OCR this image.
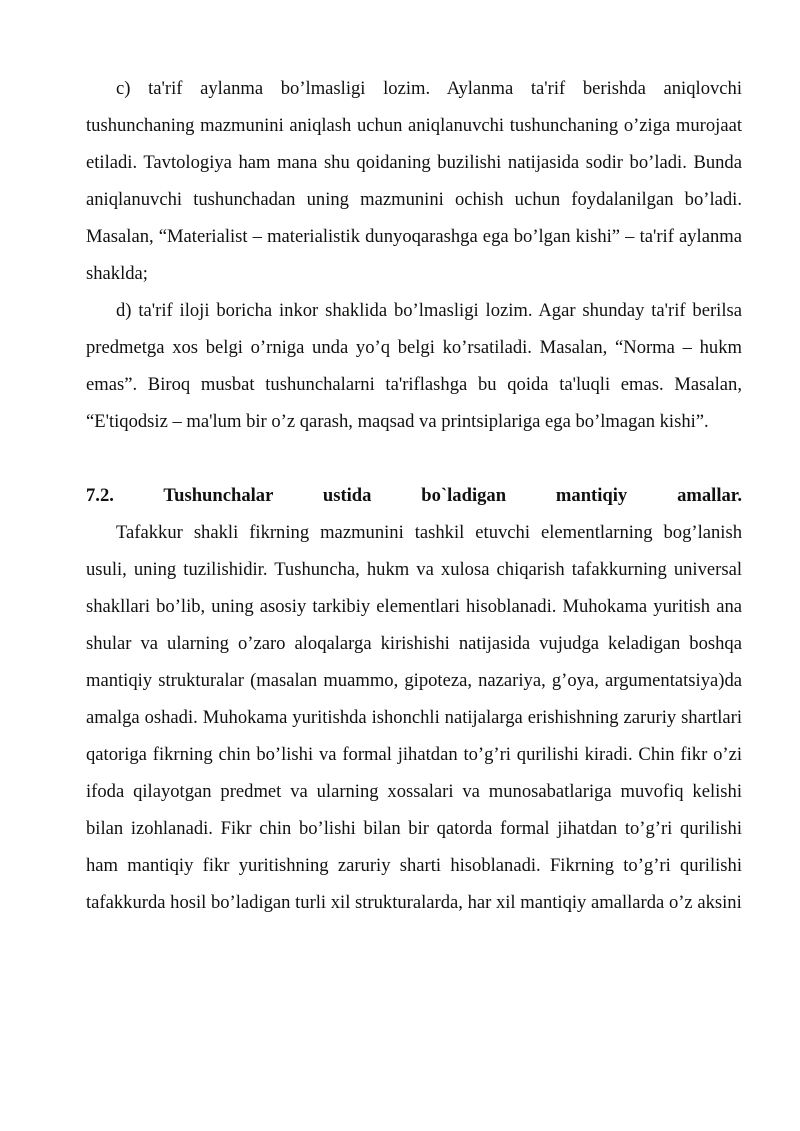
c) ta'rif aylanma bo’lmasligi lozim. Aylanma ta'rif berishda aniqlovchi tushunchaning mazmunini aniqlash uchun aniqlanuvchi tushunchaning o’ziga murojaat etiladi. Tavtologiya ham mana shu qoidaning buzilishi natijasida sodir bo’ladi. Bunda aniqlanuvchi tushunchadan uning mazmunini ochish uchun foydalanilgan bo’ladi. Masalan, “Materialist – materialistik dunyoqarashga ega bo’lgan kishi” – ta'rif aylanma shaklda;

d) ta'rif iloji boricha inkor shaklida bo’lmasligi lozim. Agar shunday ta'rif berilsa predmetga xos belgi o’rniga unda yo’q belgi ko’rsatiladi. Masalan, “Norma – hukm emas”. Biroq musbat tushunchalarni ta'riflashga bu qoida ta'luqli emas. Masalan, “E'tiqodsiz – ma'lum bir o’z qarash, maqsad va printsiplariga ega bo’lmagan kishi”.

7.2. Tushunchalar ustida bo`ladigan mantiqiy amallar.

Tafakkur shakli fikrning mazmunini tashkil etuvchi elementlarning bog’lanish usuli, uning tuzilishidir. Tushuncha, hukm va xulosa chiqarish tafakkurning universal shakllari bo’lib, uning asosiy tarkibiy elementlari hisoblanadi. Muhokama yuritish ana shular va ularning o’zaro aloqalarga kirishishi natijasida vujudga keladigan boshqa mantiqiy strukturalar (masalan muammo, gipoteza, nazariya, g’oya, argumentatsiya)da amalga oshadi. Muhokama yuritishda ishonchli natijalarga erishishning zaruriy shartlari qatoriga fikrning chin bo’lishi va formal jihatdan to’g’ri qurilishi kiradi. Chin fikr o’zi ifoda qilayotgan predmet va ularning xossalari va munosabatlariga muvofiq kelishi bilan izohlanadi. Fikr chin bo’lishi bilan bir qatorda formal jihatdan to’g’ri qurilishi ham mantiqiy fikr yuritishning zaruriy sharti hisoblanadi. Fikrning to’g’ri qurilishi tafakkurda hosil bo’ladigan turli xil strukturalarda, har xil mantiqiy amallarda o’z aksini
